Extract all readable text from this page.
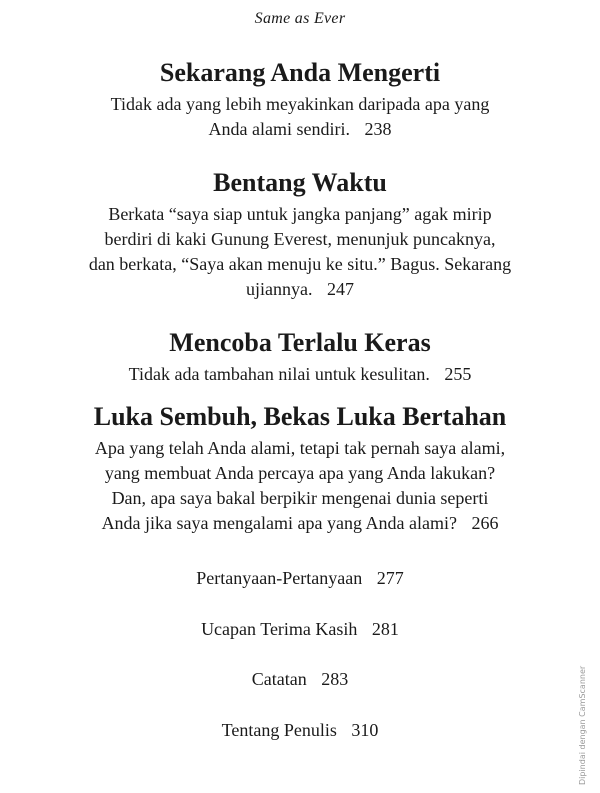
Same as Ever
Sekarang Anda Mengerti

Tidak ada yang lebih meyakinkan daripada apa yang
Anda alami sendiri. 238

Bentang Waktu

Berkata “saya siap untuk jangka panjang” agak mirip
berdiri di kaki Gunung Everest, menunjuk puncaknya,
dan berkata, “Saya akan menuju ke situ.” Bagus. Sekarang
ujiannya. 247

Mencoba Terlalu Keras

Tidak ada tambahan nilai untuk kesulitan. 255

Luka Sembuh, Bekas Luka Bertahan

Apa yang telah Anda alami, tetapi tak pernah saya alami,
yang membuat Anda percaya apa yang Anda lakukan?
Dan, apa saya bakal berpikir mengenai dunia seperti
Anda jika saya mengalami apa yang Anda alami? 266

Pertanyaan-Pertanyaan 277
Ucapan Terima Kasih 281
Catatan 283
Tentang Penulis 310	Dipindai dengan CamScanner
